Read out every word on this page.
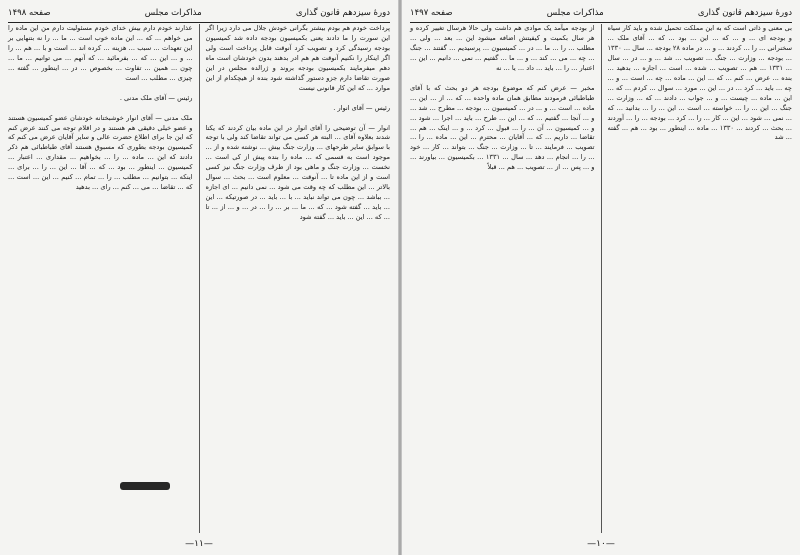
دورهٔ سیزدهم قانون گذاری
مذاکرات مجلس
صفحه ۱۴۹۸
پرداخت خودم هم بودم بیشتر بگرانی خودش جلال می دارد زیرا اگر این سورت را ما دادند یعنی بکمیسیون بودجه داده شد کمیسیون بودجه رسیدگی کرد و تصویب کرد آنوقت قابل پرداخت است ولی اگر اینکار را نکنیم آنوقت هم هم ادر بدهند بدون خودشان است ماه دهم میفرمایند بکمیسیون بودجه بروند و ژرالده مجلس در این صورت تقاضا دارم جزو دستور گذاشته شود بنده از هیچکدام از این موارد ... که این کار قانونی نیست

رئیس — آقای انوار .

انوار — آن توضیحی را آقای انوار در این ماده بیان کردند که یکتا شدند بعلاوه آقای ... البته هر کسی می تواند تقاضا کند ولی با توجه با سوابق سایر طرحهای ... وزارت جنگ بیش ... نوشته شده و از ... موجود است به قسمی که ... ماده را بنده پیش از کی است ... نخست ... وزارت جنگ و ماهی بود از طرف وزارت جنگ نیز کسی است و از این ماده تا ... آنوقت ... معلوم است ... بحث ... سوال بالاتر ... این مطلب که چه وقت می شود ... نمی دانیم ... ای اجازه ... بباشد ... چون می تواند نباید ... با ... باید ... در صورتیکه ... این ... باید ... گفته شود ... که ... ما ... بر ... را ... در ... و ... از ... تا ... که ... این ... باید ... گفته شود
عذارند خودم دارم بیش خدای خودم مسئولیت دارم من این ماده را می خواهم ... که ... این ماده خوب است ... ما ... را نه بتنهایی بر این تعهدات ... سبب ... هزینه ... کرده اند ... است و با ... هم ... را ... و ... این ... که ... بفرمائید ... که آنهم ... می توانیم ... ما ... چون ... همین ... تفاوت ... بخصوص ... در ... اینطور ... گفته ... چیزی ... مطلب ... است

رئیس — آقای ملک مدنی .

ملک مدنی — آقای انوار خوشبختانه خودشان عضو کمیسیون هستند و عضو خیلی دقیقی هم هستند و در اقلام توجه می کنند عرض کنم که این جا برای اطلاع حضرت عالی و سایر آقایان عرض می کنم که کمیسیون بودجه بطوری که مسبوق هستند آقای طباطبائی هم ذکر دادند که این ... ماده ... را ... بخواهیم ... مقداری ... اعتبار ... کمیسیون ... اینطور ... بود ... که ... آقا ... این ... را ... برای ... اینکه ... بتوانیم ... مطلب ... را ... تمام ... کنیم ... این ... است ... که ... تقاضا ... می ... کنم ... رای ... بدهید
—۱۱—
دورهٔ سیزدهم قانون گذاری
مذاکرات مجلس
صفحه ۱۴۹۷
بی معنی و ذاتی است که به این مملکت تحمیل شده و باید کار سیاه و بودجه ای ... و ... که ... این ... بود ... که ... آقای ملک ... سخنرانی ... را ... کردند ... و ... در ماده ۲۸ بودجه ... سال ... ۱۳۳۰ ... بودجه ... وزارت ... جنگ ... تصویب ... شد ... و ... در ... سال ... ۱۳۳۱ ... هم ... تصویب ... شده ... است ... اجازه ... بدهید ... بنده ... عرض ... کنم ... که ... این ... ماده ... چه ... است ... و ... چه ... باید ... کرد ... در ... این ... مورد ... سوال ... کردم ... که ... این ... ماده ... چیست ... و ... جواب ... دادند ... که ... وزارت ... جنگ ... این ... را ... خواسته ... است ... این ... را ... بدانید ... که ... نمی ... شود ... این ... کار ... را ... کرد ... بودجه ... را ... آوردند ... بحث ... کردند ... ۱۳۳۰ ... ماده ... اینطور ... بود ... هم ... گفته ... شد
از بودجه میآمد یک موادی هم داشت ولی حالا هرسال تغییر کرده و هر سال بکمیت و کیفیتش اضافه میشود این ... بعد ... ولی ... مطلب ... را ... ما ... در ... کمیسیون ... پرسیدیم ... گفتند ... جنگ ... چه ... می ... کند ... و ... ما ... گفتیم ... نمی ... دانیم ... این ... اعتبار ... را ... باید ... داد ... یا ... نه

مخبر — عرض کنم که موضوع بودجه هر دو بحث که با آقای طباطبائی فرمودند مطابق همان ماده واحده ... که ... از ... این ... ماده ... است ... و ... در ... کمیسیون ... بودجه ... مطرح ... شد ... و ... آنجا ... گفتیم ... که ... این ... طرح ... باید ... اجرا ... شود ... و ... کمیسیون ... آن ... را ... قبول ... کرد ... و ... اینک ... هم ... تقاضا ... داریم ... که ... آقایان ... محترم ... این ... ماده ... را ... تصویب ... فرمایند ... تا ... وزارت ... جنگ ... بتواند ... کار ... خود ... را ... انجام ... دهد ... سال ... ۱۳۳۱ ... بکمیسیون ... بیاورند ... و ... پس ... از ... تصویب ... هم ... قبلاً
—۱۰—
